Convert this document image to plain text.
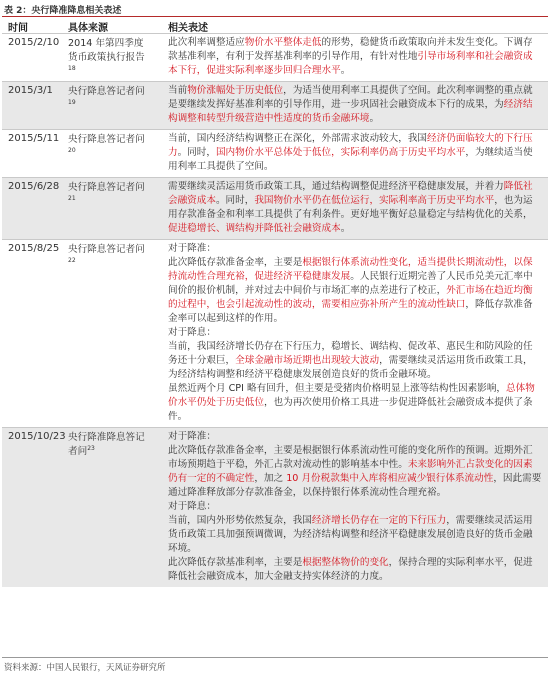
表 2：央行降准降息相关表述
时间	具体来源	相关表述
2015/2/10 2014 年第四季度货币政策执行报告$^{18}$

此次利率调整适应物价水平整体走低的形势，稳健货币政策取向并未发生变化。下调存款基准利率，有利于发挥基准利率的引导作用，有针对性地引导市场利率和社会融资成本下行，促进实际利率逐步回归合理水平。

2015/3/1 央行降息答记者问$^{19}$

当前物价涨幅处于历史低位，为适当使用利率工具提供了空间。此次利率调整的重点就是要继续发挥好基准利率的引导作用，进一步巩固社会融资成本下行的成果，为经济结构调整和转型升级营造中性适度的货币金融环境。

2015/5/11 央行降息答记者问$^{20}$

当前，国内经济结构调整正在深化，外部需求波动较大，我国经济仍面临较大的下行压力。同时，国内物价水平总体处于低位，实际利率仍高于历史平均水平，为继续适当使用利率工具提供了空间。

2015/6/28 央行降息答记者问$^{21}$

需要继续灵活运用货币政策工具，通过结构调整促进经济平稳健康发展，并着力降低社会融资成本。同时，我国物价水平仍在低位运行，实际利率高于历史平均水平，也为运用存款准备金和利率工具提供了有利条件。更好地平衡好总量稳定与结构优化的关系，促进稳增长、调结构并降低社会融资成本。

2015/8/25 央行降息答记者问$^{22}$

对于降准：

此次降低存款准备金率，主要是根据银行体系流动性变化，适当提供长期流动性，以保持流动性合理充裕，促进经济平稳健康发展。人民银行近期完善了人民币兑美元汇率中间价的报价机制，并对过去中间价与市场汇率的点差进行了校正，外汇市场在趋近均衡的过程中，也会引起流动性的波动，需要相应弥补所产生的流动性缺口，降低存款准备金率可以起到这样的作用。

对于降息：

当前，我国经济增长仍存在下行压力，稳增长、调结构、促改革、惠民生和防风险的任务还十分艰巨，全球金融市场近期也出现较大波动，需要继续灵活运用货币政策工具，为经济结构调整和经济平稳健康发展创造良好的货币金融环境。

虽然近两个月 CPI 略有回升，但主要是受猪肉价格明显上涨等结构性因素影响，总体物价水平仍处于历史低位，也为再次使用价格工具进一步促进降低社会融资成本提供了条件。

2015/10/23 央行降准降息答记者问$^{23}$

对于降准：

此次降低存款准备金率，主要是根据银行体系流动性可能的变化所作的预调。近期外汇市场预期趋于平稳，外汇占款对流动性的影响基本中性。未来影响外汇占款变化的因素仍有一定的不确定性，加之 10 月份税款集中入库将相应减少银行体系流动性，因此需要通过降准释放部分存款准备金，以保持银行体系流动性合理充裕。

对于降息：

当前，国内外形势依然复杂，我国经济增长仍存在一定的下行压力，需要继续灵活运用货币政策工具加强预调微调，为经济结构调整和经济平稳健康发展创造良好的货币金融环境。

此次降低存款基准利率，主要是根据整体物价的变化，保持合理的实际利率水平，促进降低社会融资成本，加大金融支持实体经济的力度。

资料来源：中国人民银行，天风证券研究所
